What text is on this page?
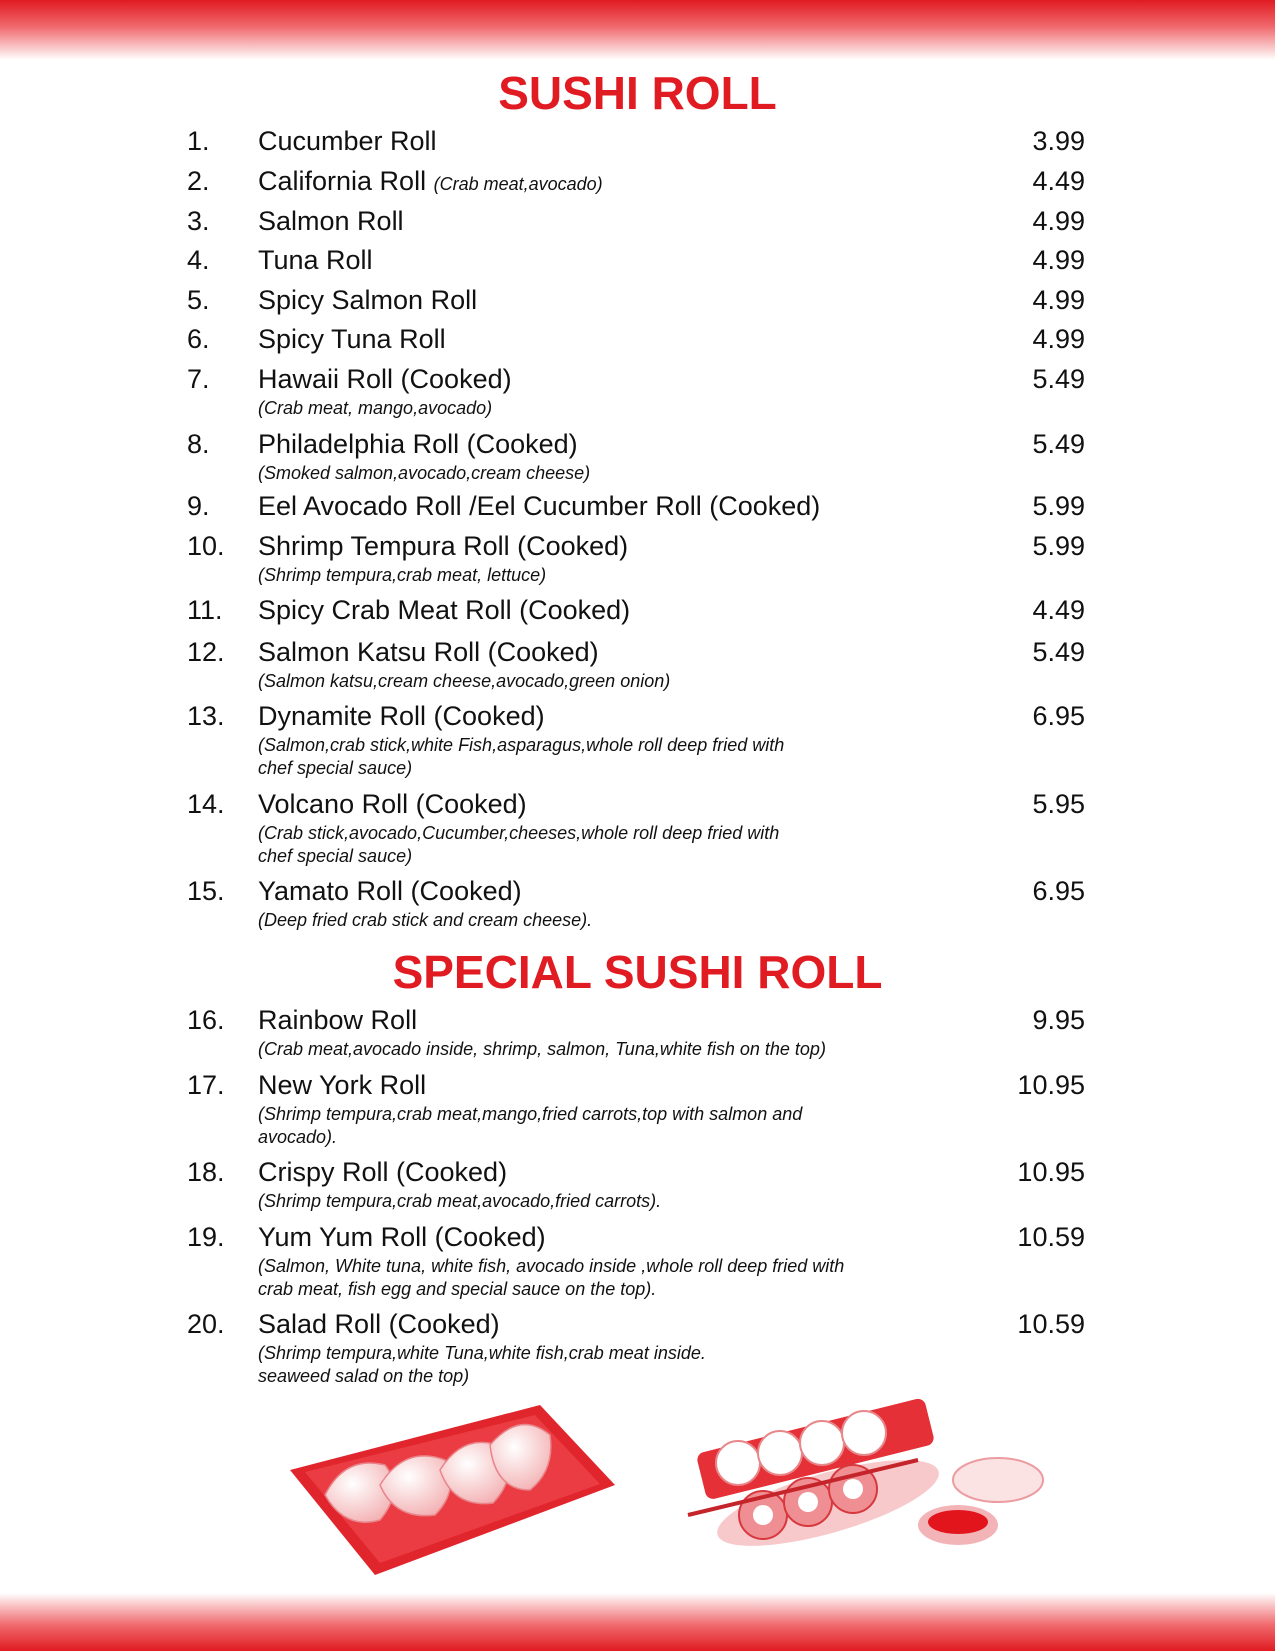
SUSHI ROLL
1. Cucumber Roll	3.99
2. California Roll (Crab meat,avocado)	4.49
3. Salmon Roll	4.99
4. Tuna Roll	4.99
5. Spicy Salmon Roll	4.99
6. Spicy Tuna Roll	4.99
7. Hawaii Roll (Cooked)	5.49
(Crab meat, mango,avocado)
8. Philadelphia Roll (Cooked)	5.49
(Smoked salmon,avocado,cream cheese)
9. Eel Avocado Roll /Eel Cucumber Roll (Cooked)	5.99
10. Shrimp Tempura Roll (Cooked)	5.99
(Shrimp tempura,crab meat, lettuce)
11. Spicy Crab Meat Roll (Cooked)	4.49
12. Salmon Katsu Roll (Cooked)	5.49
(Salmon katsu,cream cheese,avocado,green onion)
13. Dynamite Roll (Cooked)	6.95
(Salmon,crab stick,white Fish,asparagus,whole roll deep fried with
chef special sauce)
14. Volcano Roll (Cooked)	5.95
(Crab stick,avocado,Cucumber,cheeses,whole roll deep fried with
chef special sauce)
15. Yamato Roll (Cooked)	6.95
(Deep fried crab stick and cream cheese).
SPECIAL SUSHI ROLL
16. Rainbow Roll	9.95
(Crab meat,avocado inside, shrimp, salmon, Tuna,white fish on the top)
17. New York Roll	10.95
(Shrimp tempura,crab meat,mango,fried carrots,top with salmon and
avocado).
18. Crispy Roll (Cooked)	10.95
(Shrimp tempura,crab meat,avocado,fried carrots).
19. Yum Yum Roll (Cooked)	10.59
(Salmon, White tuna, white fish, avocado inside ,whole roll deep fried with
crab meat, fish egg and special sauce on the top).
20. Salad Roll (Cooked)	10.59
(Shrimp tempura,white Tuna,white fish,crab meat inside.
seaweed salad on the top)
